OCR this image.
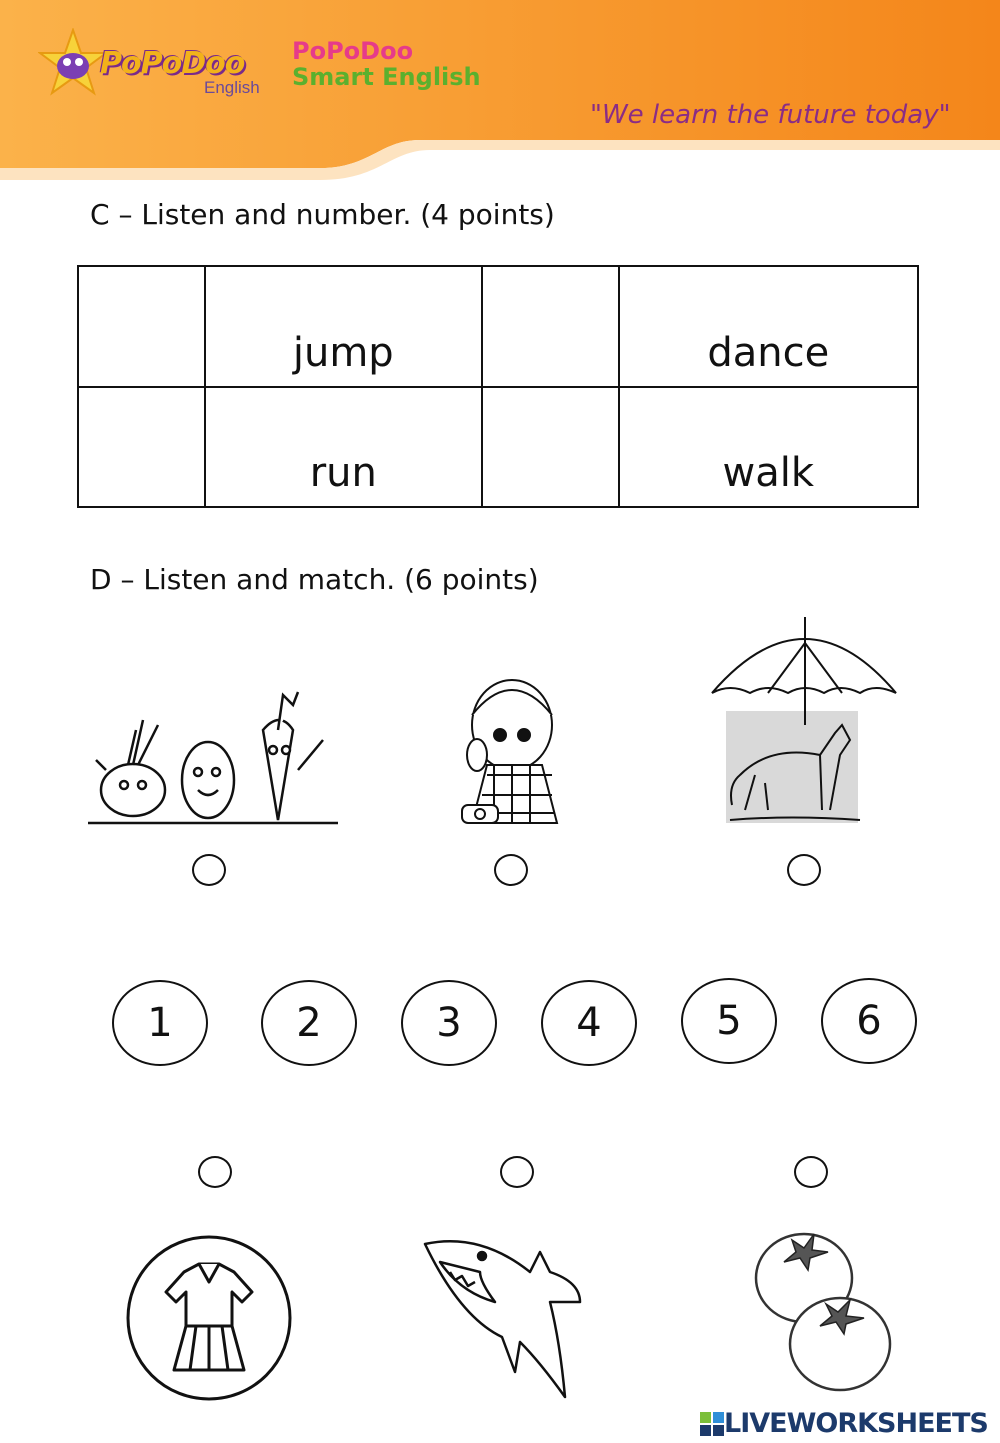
PoPoDoo
English
PoPoDoo
Smart English
"We learn the future today"
C – Listen and number. (4 points)
	jump		dance
	run		walk
D – Listen and match. (6 points)
1	2	3	4	5	6
LIVEWORKSHEETS
